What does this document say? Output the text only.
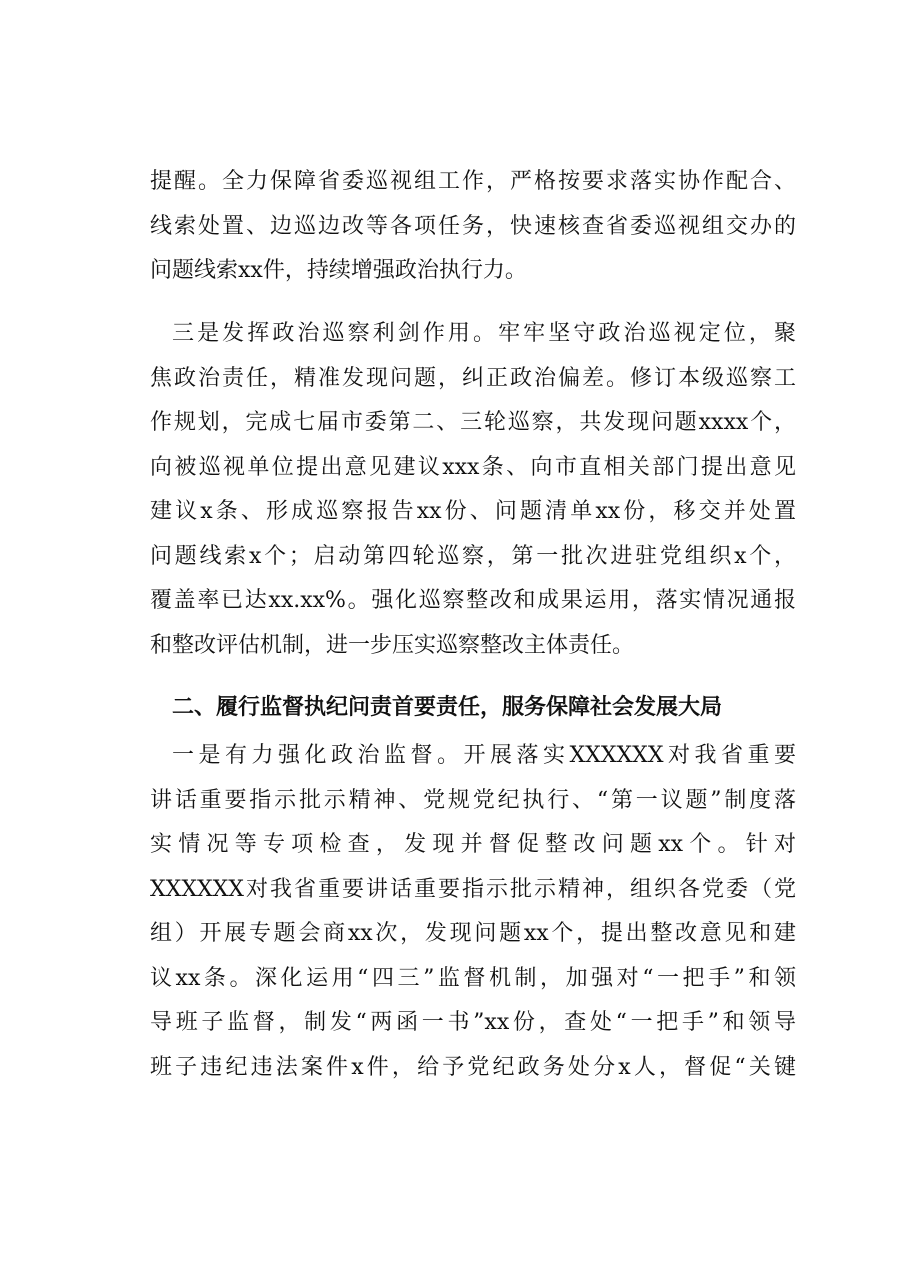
提醒。全力保障省委巡视组工作，严格按要求落实协作配合、
线索处置、边巡边改等各项任务，快速核查省委巡视组交办的
问题线索xx件，持续增强政治执行力。
三是发挥政治巡察利剑作用。牢牢坚守政治巡视定位，聚
焦政治责任，精准发现问题，纠正政治偏差。修订本级巡察工
作规划，完成七届市委第二、三轮巡察，共发现问题xxxx个，
向被巡视单位提出意见建议xxx条、向市直相关部门提出意见
建议x条、形成巡察报告xx份、问题清单xx份，移交并处置
问题线索x个；启动第四轮巡察，第一批次进驻党组织x个，
覆盖率已达xx.xx%。强化巡察整改和成果运用，落实情况通报
和整改评估机制，进一步压实巡察整改主体责任。
二、履行监督执纪问责首要责任，服务保障社会发展大局
一是有力强化政治监督。开展落实XXXXXX对我省重要
讲话重要指示批示精神、党规党纪执行、“第一议题”制度落
实情况等专项检查，发现并督促整改问题xx个。针对
XXXXXX对我省重要讲话重要指示批示精神，组织各党委（党
组）开展专题会商xx次，发现问题xx个，提出整改意见和建
议xx条。深化运用“四三”监督机制，加强对“一把手”和领
导班子监督，制发“两函一书”xx份，查处“一把手”和领导
班子违纪违法案件x件，给予党纪政务处分x人，督促“关键
